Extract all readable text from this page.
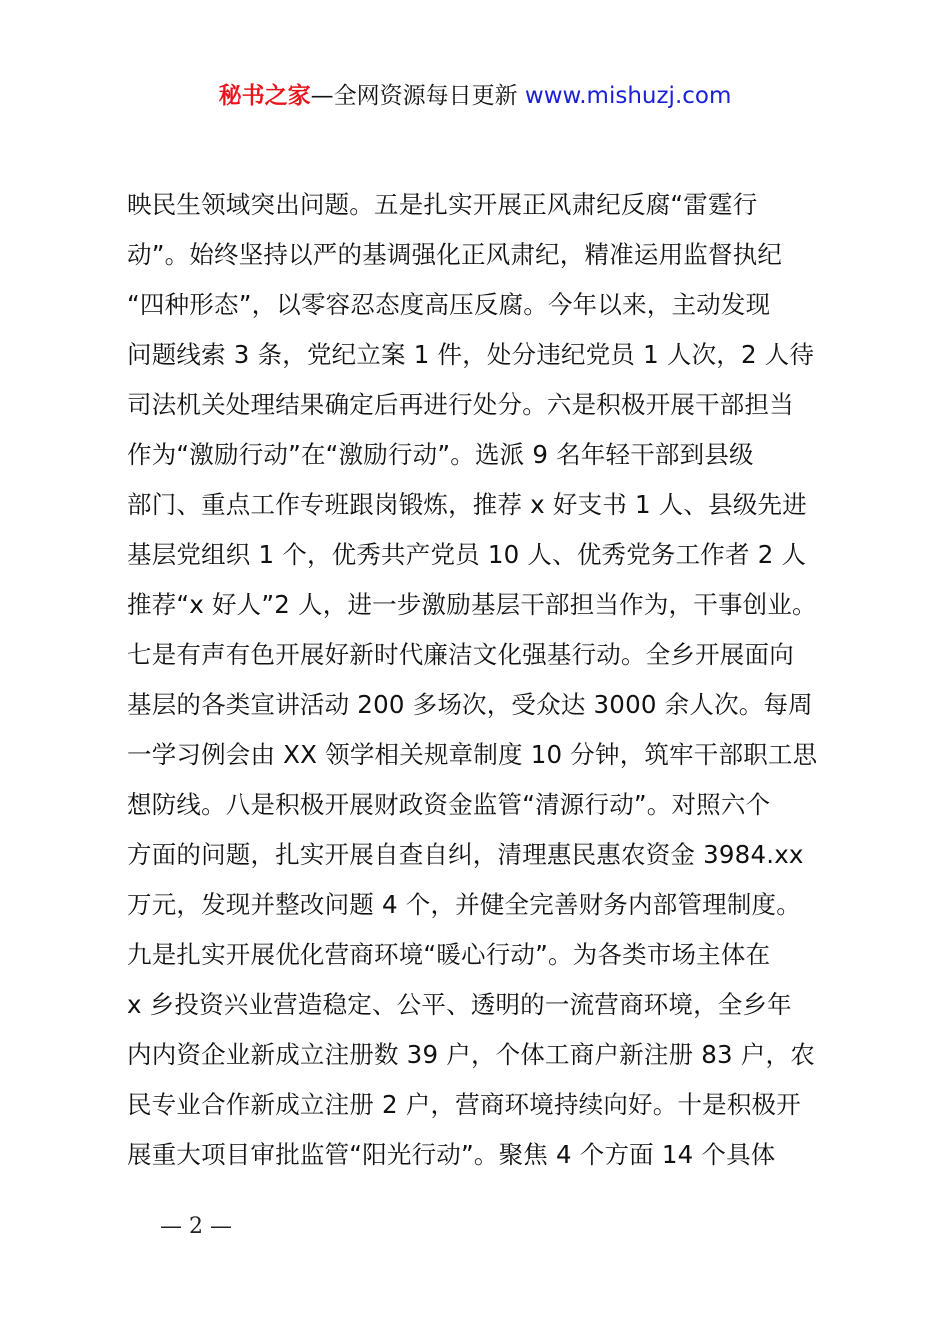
秘书之家—全网资源每日更新 www.mishuzj.com
映民生领域突出问题。五是扎实开展正风肃纪反腐“雷霆行
动”。始终坚持以严的基调强化正风肃纪，精准运用监督执纪
“四种形态”，以零容忍态度高压反腐。今年以来，主动发现
问题线索 3 条，党纪立案 1 件，处分违纪党员 1 人次，2 人待
司法机关处理结果确定后再进行处分。六是积极开展干部担当
作为“激励行动”在“激励行动”。选派 9 名年轻干部到县级
部门、重点工作专班跟岗锻炼，推荐 x 好支书 1 人、县级先进
基层党组织 1 个，优秀共产党员 10 人、优秀党务工作者 2 人
推荐“x 好人”2 人，进一步激励基层干部担当作为，干事创业。
七是有声有色开展好新时代廉洁文化强基行动。全乡开展面向
基层的各类宣讲活动 200 多场次，受众达 3000 余人次。每周
一学习例会由 XX 领学相关规章制度 10 分钟，筑牢干部职工思
想防线。八是积极开展财政资金监管“清源行动”。对照六个
方面的问题，扎实开展自查自纠，清理惠民惠农资金 3984.xx
万元，发现并整改问题 4 个，并健全完善财务内部管理制度。
九是扎实开展优化营商环境“暖心行动”。为各类市场主体在
x 乡投资兴业营造稳定、公平、透明的一流营商环境，全乡年
内内资企业新成立注册数 39 户，个体工商户新注册 83 户，农
民专业合作新成立注册 2 户，营商环境持续向好。十是积极开
展重大项目审批监管“阳光行动”。聚焦 4 个方面 14 个具体
— 2 —
